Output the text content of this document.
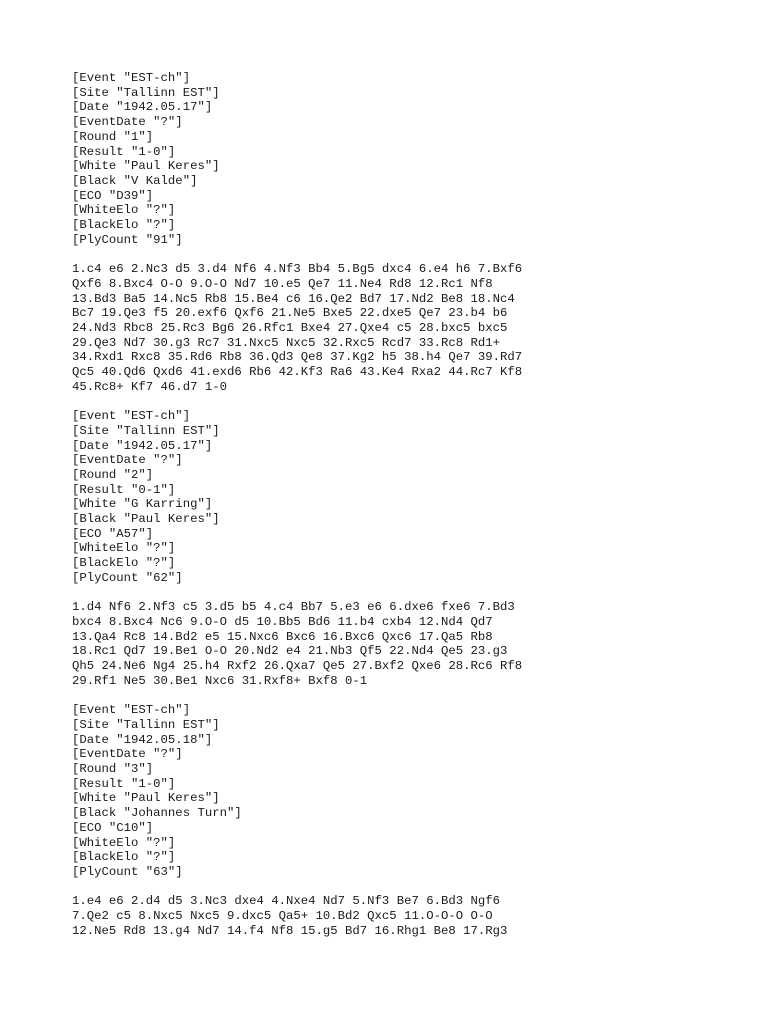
[Event "EST-ch"]
[Site "Tallinn EST"]
[Date "1942.05.17"]
[EventDate "?"]
[Round "1"]
[Result "1-0"]
[White "Paul Keres"]
[Black "V Kalde"]
[ECO "D39"]
[WhiteElo "?"]
[BlackElo "?"]
[PlyCount "91"]
1.c4 e6 2.Nc3 d5 3.d4 Nf6 4.Nf3 Bb4 5.Bg5 dxc4 6.e4 h6 7.Bxf6
Qxf6 8.Bxc4 O-O 9.O-O Nd7 10.e5 Qe7 11.Ne4 Rd8 12.Rc1 Nf8
13.Bd3 Ba5 14.Nc5 Rb8 15.Be4 c6 16.Qe2 Bd7 17.Nd2 Be8 18.Nc4
Bc7 19.Qe3 f5 20.exf6 Qxf6 21.Ne5 Bxe5 22.dxe5 Qe7 23.b4 b6
24.Nd3 Rbc8 25.Rc3 Bg6 26.Rfc1 Bxe4 27.Qxe4 c5 28.bxc5 bxc5
29.Qe3 Nd7 30.g3 Rc7 31.Nxc5 Nxc5 32.Rxc5 Rcd7 33.Rc8 Rd1+
34.Rxd1 Rxc8 35.Rd6 Rb8 36.Qd3 Qe8 37.Kg2 h5 38.h4 Qe7 39.Rd7
Qc5 40.Qd6 Qxd6 41.exd6 Rb6 42.Kf3 Ra6 43.Ke4 Rxa2 44.Rc7 Kf8
45.Rc8+ Kf7 46.d7 1-0
[Event "EST-ch"]
[Site "Tallinn EST"]
[Date "1942.05.17"]
[EventDate "?"]
[Round "2"]
[Result "0-1"]
[White "G Karring"]
[Black "Paul Keres"]
[ECO "A57"]
[WhiteElo "?"]
[BlackElo "?"]
[PlyCount "62"]
1.d4 Nf6 2.Nf3 c5 3.d5 b5 4.c4 Bb7 5.e3 e6 6.dxe6 fxe6 7.Bd3
bxc4 8.Bxc4 Nc6 9.O-O d5 10.Bb5 Bd6 11.b4 cxb4 12.Nd4 Qd7
13.Qa4 Rc8 14.Bd2 e5 15.Nxc6 Bxc6 16.Bxc6 Qxc6 17.Qa5 Rb8
18.Rc1 Qd7 19.Be1 O-O 20.Nd2 e4 21.Nb3 Qf5 22.Nd4 Qe5 23.g3
Qh5 24.Ne6 Ng4 25.h4 Rxf2 26.Qxa7 Qe5 27.Bxf2 Qxe6 28.Rc6 Rf8
29.Rf1 Ne5 30.Be1 Nxc6 31.Rxf8+ Bxf8 0-1
[Event "EST-ch"]
[Site "Tallinn EST"]
[Date "1942.05.18"]
[EventDate "?"]
[Round "3"]
[Result "1-0"]
[White "Paul Keres"]
[Black "Johannes Turn"]
[ECO "C10"]
[WhiteElo "?"]
[BlackElo "?"]
[PlyCount "63"]
1.e4 e6 2.d4 d5 3.Nc3 dxe4 4.Nxe4 Nd7 5.Nf3 Be7 6.Bd3 Ngf6
7.Qe2 c5 8.Nxc5 Nxc5 9.dxc5 Qa5+ 10.Bd2 Qxc5 11.O-O-O O-O
12.Ne5 Rd8 13.g4 Nd7 14.f4 Nf8 15.g5 Bd7 16.Rhg1 Be8 17.Rg3
